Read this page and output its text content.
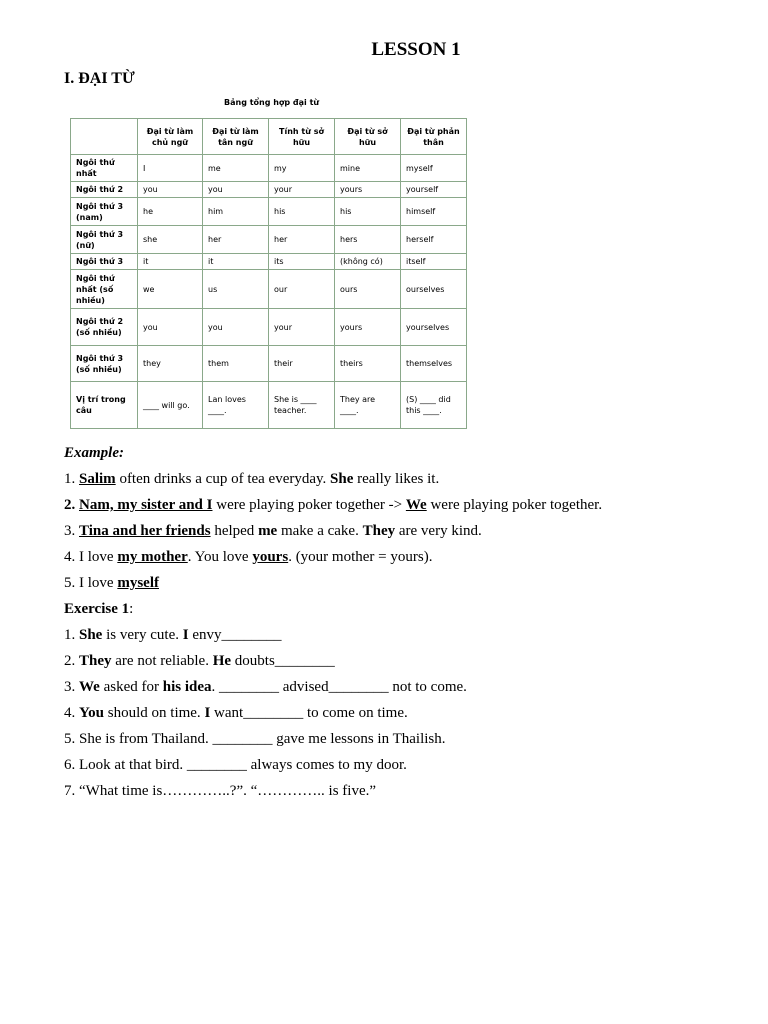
LESSON 1
I. ĐẠI TỪ
Bảng tổng hợp đại từ
	Đại từ làm chủ ngữ	Đại từ làm tân ngữ	Tính từ sở hữu	Đại từ sở hữu	Đại từ phản thân
Ngôi thứ nhất	I	me	my	mine	myself
Ngôi thứ 2	you	you	your	yours	yourself
Ngôi thứ 3 (nam)	he	him	his	his	himself
Ngôi thứ 3 (nữ)	she	her	her	hers	herself
Ngôi thứ 3	it	it	its	(không có)	itself
Ngôi thứ nhất (số nhiều)	we	us	our	ours	ourselves
Ngôi thứ 2 (số nhiều)	you	you	your	yours	yourselves
Ngôi thứ 3 (số nhiều)	they	them	their	theirs	themselves
Vị trí trong câu	____ will go.	Lan loves ____.	She is ____ teacher.	They are ____.	(S) ____ did this ____.

Example:

1. Salim often drinks a cup of tea everyday. She really likes it.

2. Nam, my sister and I were playing poker together -> We were playing poker together.

3. Tina and her friends helped me make a cake. They are very kind.

4. I love my mother. You love yours. (your mother = yours).

5. I love myself

Exercise 1:

1. She is very cute. I envy________

2. They are not reliable. He doubts________

3. We asked for his idea. ________ advised________ not to come.

4. You should on time. I want________ to come on time.

5. She is from Thailand. ________ gave me lessons in Thailish.

6. Look at that bird. ________ always comes to my door.

7. “What time is…………..?”. “………….. is five.”
